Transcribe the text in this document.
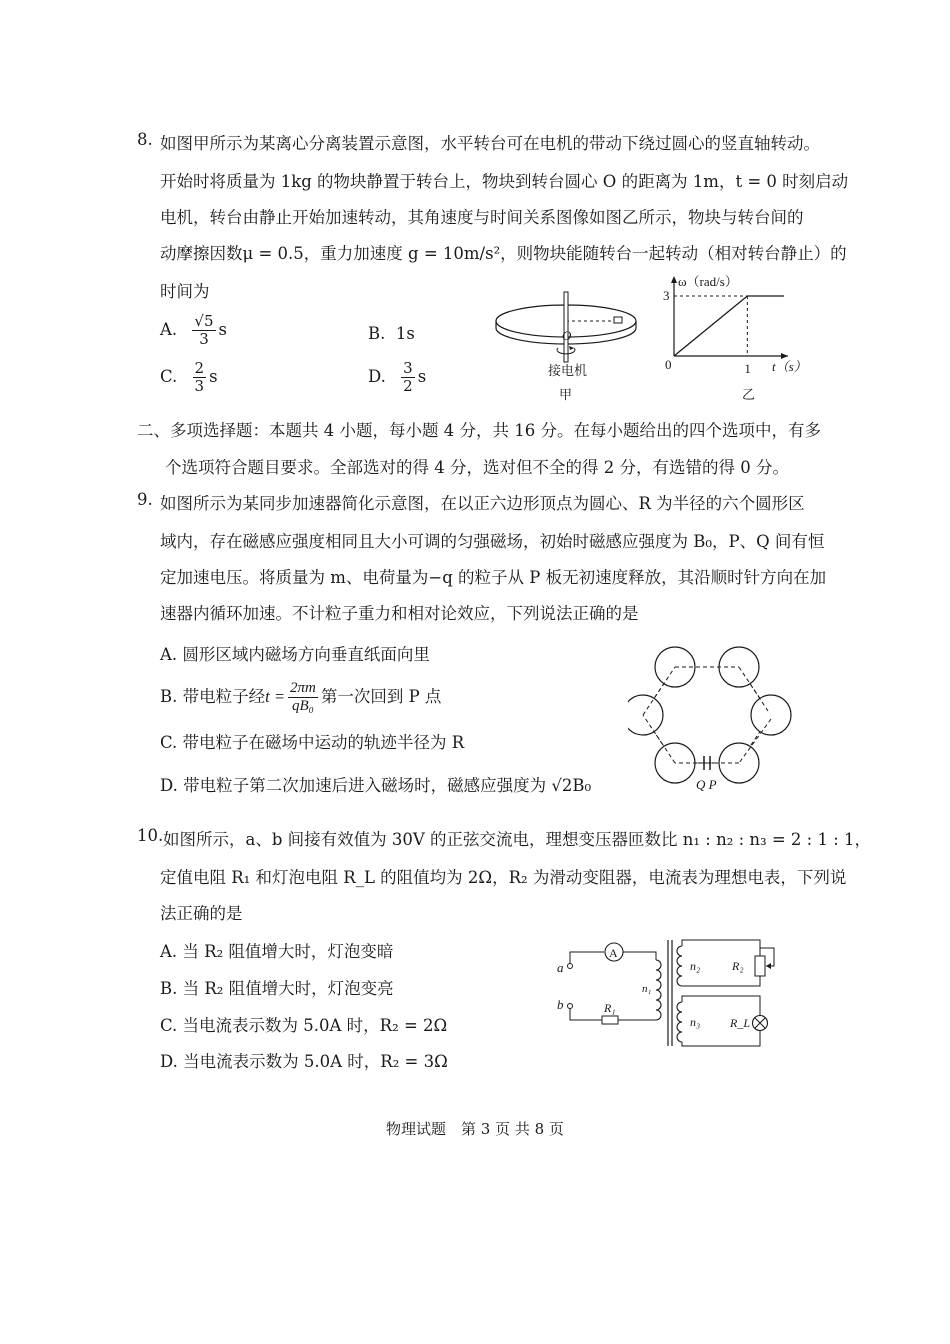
8. 如图甲所示为某离心分离装置示意图，水平转台可在电机的带动下绕过圆心的竖直轴转动。
开始时将质量为 1kg 的物块静置于转台上，物块到转台圆心 O 的距离为 1m，t = 0 时刻启动
电机，转台由静止开始加速转动，其角速度与时间关系图像如图乙所示，物块与转台间的
动摩擦因数μ = 0.5，重力加速度 g = 10m/s²，则物块能随转台一起转动（相对转台静止）的
时间为
A. $\frac{√5}{3}$ s	B. 1s
C. $\frac{2}{3}$ s	D. $\frac{3}{2}$ s
O
接电机
甲
ω（rad/s）
3
0	1 t（s）
乙
二、多项选择题：本题共 4 小题，每小题 4 分，共 16 分。在每小题给出的四个选项中，有多
个选项符合题目要求。全部选对的得 4 分，选对但不全的得 2 分，有选错的得 0 分。
9. 如图所示为某同步加速器简化示意图，在以正六边形顶点为圆心、R 为半径的六个圆形区
域内，存在磁感应强度相同且大小可调的匀强磁场，初始时磁感应强度为 B₀，P、Q 间有恒
定加速电压。将质量为 m、电荷量为−q 的粒子从 P 板无初速度释放，其沿顺时针方向在加
速器内循环加速。不计粒子重力和相对论效应，下列说法正确的是
A. 圆形区域内磁场方向垂直纸面向里
B. 带电粒子经$t = \frac{2\pi m}{\text{qB₀}}$ 第一次回到 P 点
C. 带电粒子在磁场中运动的轨迹半径为 R
D. 带电粒子第二次加速后进入磁场时，磁感应强度为 √2B₀	Q P
10. 如图所示，a、b 间接有效值为 30V 的正弦交流电，理想变压器匝数比 n₁ : n₂ : n₃ = 2 : 1 : 1，
定值电阻 R₁ 和灯泡电阻 R_L 的阻值均为 2Ω，R₂ 为滑动变阻器，电流表为理想电表，下列说
法正确的是
A. 当 R₂ 阻值增大时，灯泡变暗
B. 当 R₂ 阻值增大时，灯泡变亮
C. 当电流表示数为 5.0A 时，R₂ = 2Ω
D. 当电流表示数为 5.0A 时，R₂ = 3Ω
A
R₁
a
b
n₁
n₂	R₂
n₃ R_L
物理试题　第 3 页 共 8 页
